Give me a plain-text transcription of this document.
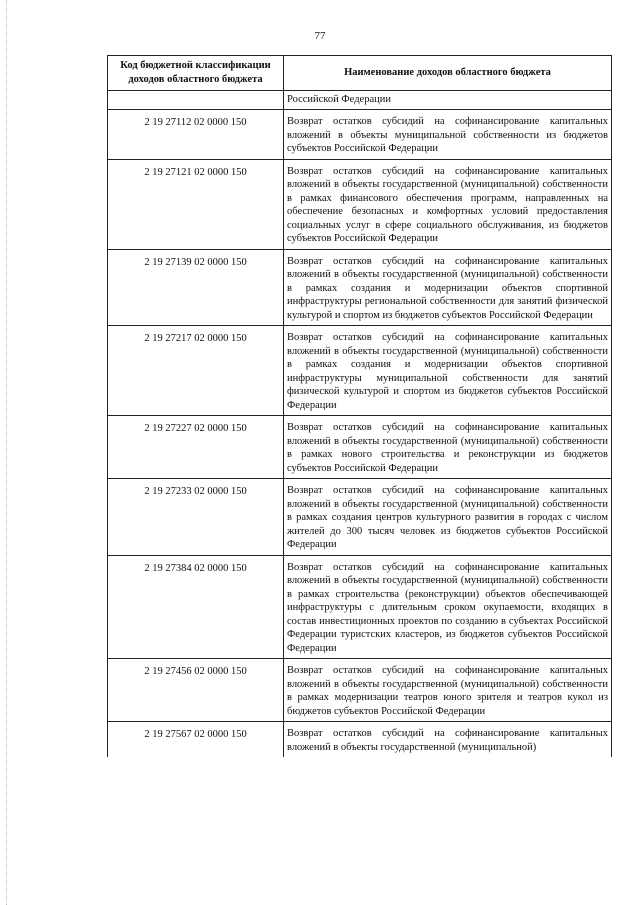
77
Код бюджетной классификации доходов областного бюджета	Наименование доходов областного бюджета
	Российской Федерации
2 19 27112 02 0000 150	Возврат остатков субсидий на софинансирование капитальных вложений в объекты муниципальной собственности из бюджетов субъектов Российской Федерации
2 19 27121 02 0000 150	Возврат остатков субсидий на софинансирование капитальных вложений в объекты государственной (муниципальной) собственности в рамках финансового обеспечения программ, направленных на обеспечение безопасных и комфортных условий предоставления социальных услуг в сфере социального обслуживания, из бюджетов субъектов Российской Федерации
2 19 27139 02 0000 150	Возврат остатков субсидий на софинансирование капитальных вложений в объекты государственной (муниципальной) собственности в рамках создания и модернизации объектов спортивной инфраструктуры региональной собственности для занятий физической культурой и спортом из бюджетов субъектов Российской Федерации
2 19 27217 02 0000 150	Возврат остатков субсидий на софинансирование капитальных вложений в объекты государственной (муниципальной) собственности в рамках создания и модернизации объектов спортивной инфраструктуры муниципальной собственности для занятий физической культурой и спортом из бюджетов субъектов Российской Федерации
2 19 27227 02 0000 150	Возврат остатков субсидий на софинансирование капитальных вложений в объекты государственной (муниципальной) собственности в рамках нового строительства и реконструкции из бюджетов субъектов Российской Федерации
2 19 27233 02 0000 150	Возврат остатков субсидий на софинансирование капитальных вложений в объекты государственной (муниципальной) собственности в рамках создания центров культурного развития в городах с числом жителей до 300 тысяч человек из бюджетов субъектов Российской Федерации
2 19 27384 02 0000 150	Возврат остатков субсидий на софинансирование капитальных вложений в объекты государственной (муниципальной) собственности в рамках строительства (реконструкции) объектов обеспечивающей инфраструктуры с длительным сроком окупаемости, входящих в состав инвестиционных проектов по созданию в субъектах Российской Федерации туристских кластеров, из бюджетов субъектов Российской Федерации
2 19 27456 02 0000 150	Возврат остатков субсидий на софинансирование капитальных вложений в объекты государственной (муниципальной) собственности в рамках модернизации театров юного зрителя и театров кукол из бюджетов субъектов Российской Федерации
2 19 27567 02 0000 150	Возврат остатков субсидий на софинансирование капитальных вложений в объекты государственной (муниципальной)
